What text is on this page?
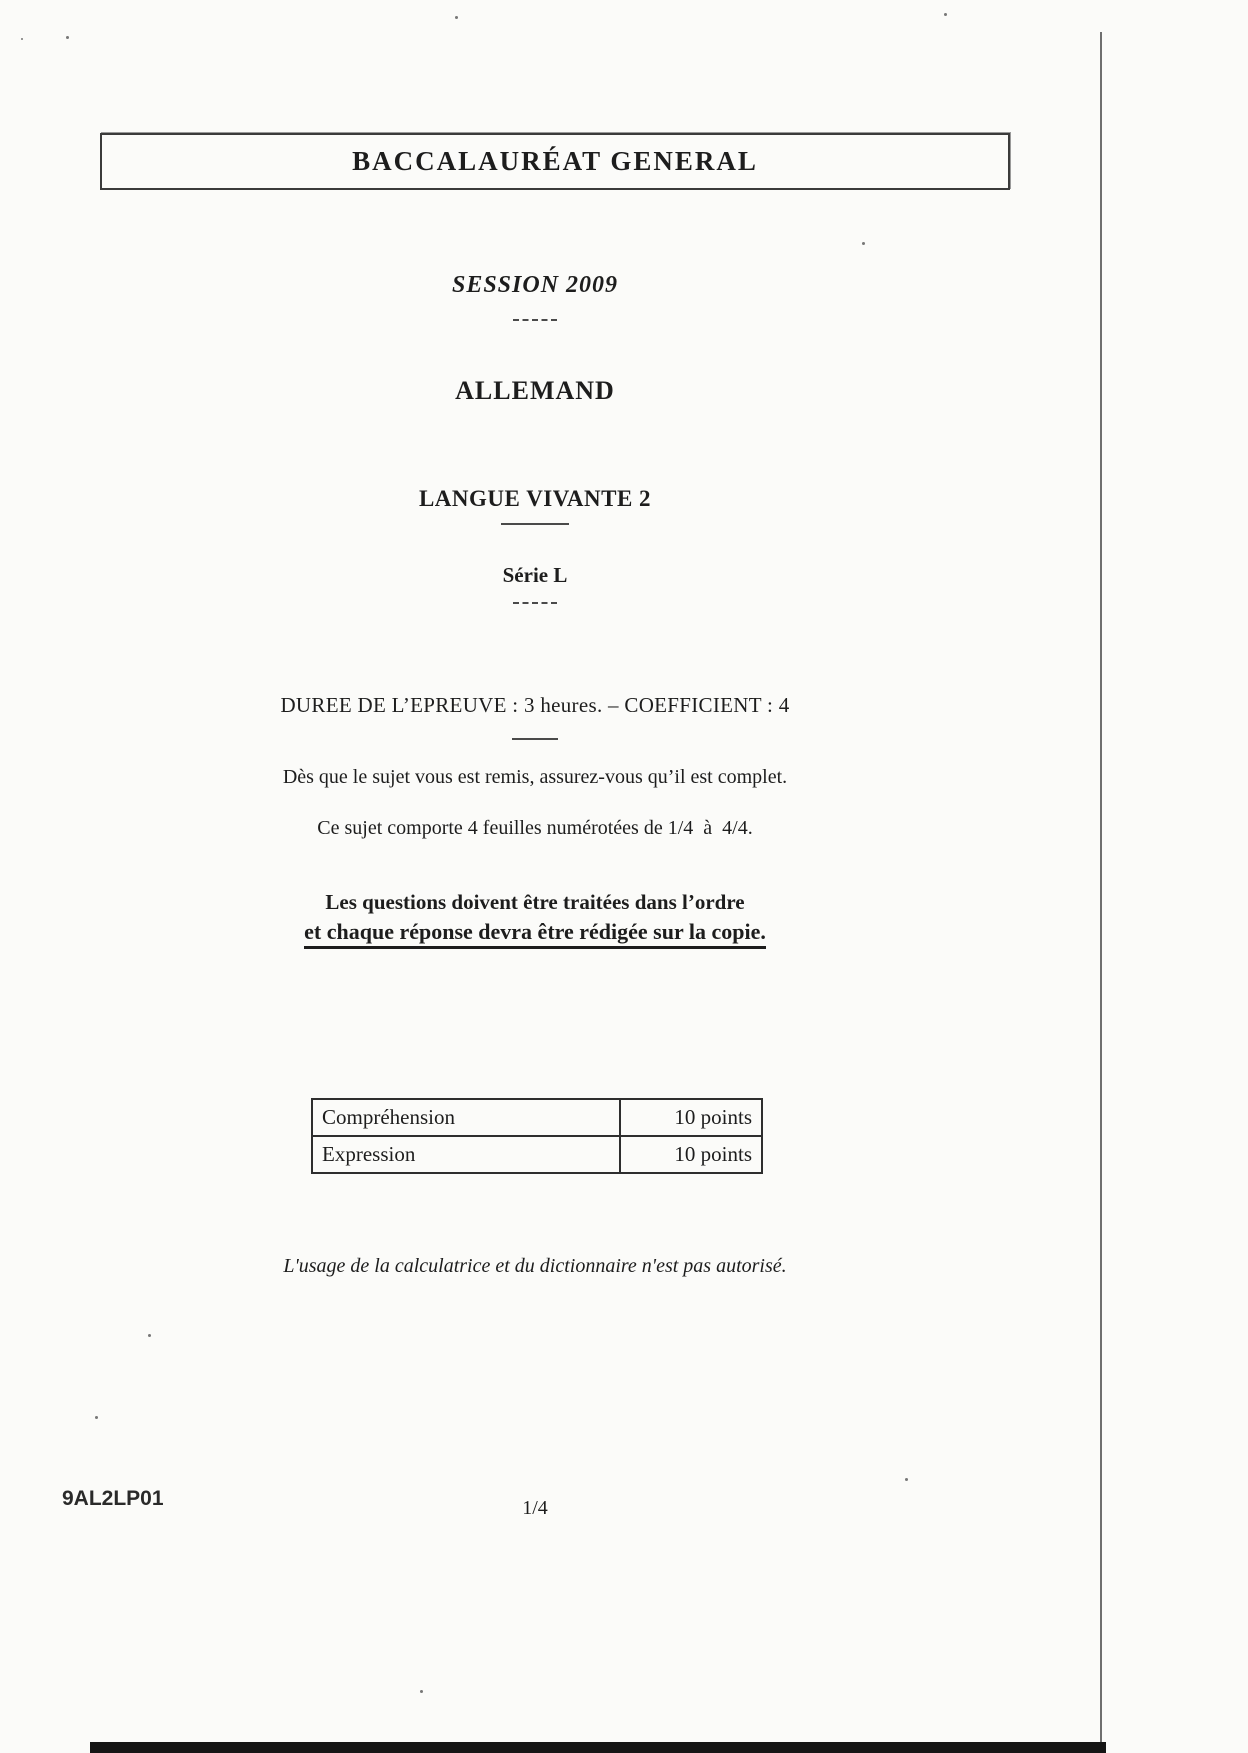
BACCALAURÉAT GENERAL
SESSION 2009
ALLEMAND
LANGUE VIVANTE 2
Série L
DUREE DE L’EPREUVE : 3 heures. – COEFFICIENT : 4
Dès que le sujet vous est remis, assurez-vous qu’il est complet.
Ce sujet comporte 4 feuilles numérotées de 1/4  à  4/4.
Les questions doivent être traitées dans l’ordre
et chaque réponse devra être rédigée sur la copie.
Compréhension	10 points
Expression	10 points
L'usage de la calculatrice et du dictionnaire n'est pas autorisé.
9AL2LP01	1/4
